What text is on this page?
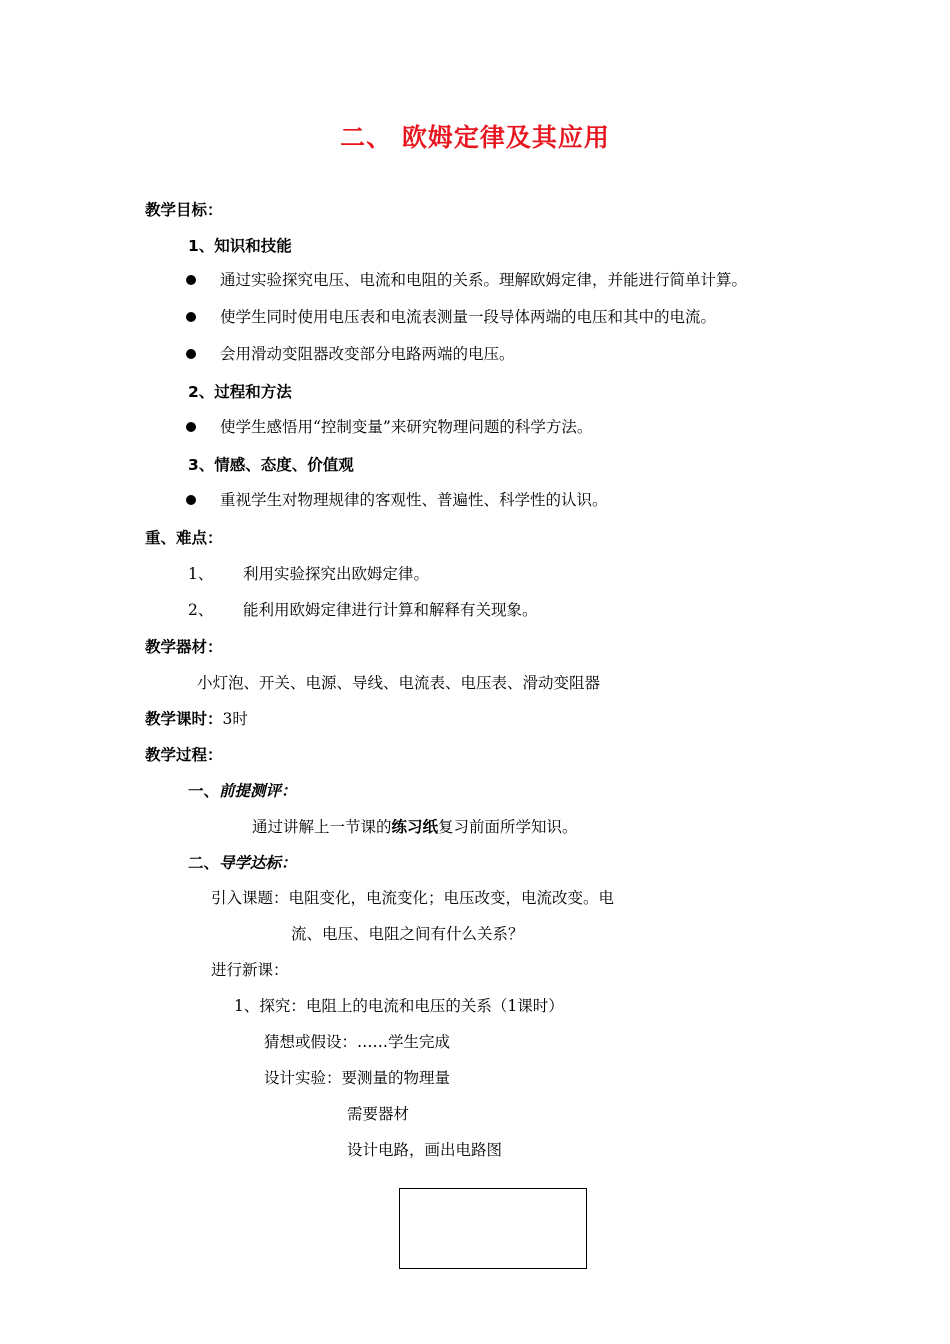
二、 欧姆定律及其应用
教学目标：
1、知识和技能
通过实验探究电压、电流和电阻的关系。理解欧姆定律，并能进行简单计算。
使学生同时使用电压表和电流表测量一段导体两端的电压和其中的电流。
会用滑动变阻器改变部分电路两端的电压。
2、过程和方法
使学生感悟用“控制变量”来研究物理问题的科学方法。
3、情感、态度、价值观
重视学生对物理规律的客观性、普遍性、科学性的认识。
重、难点：
1、 利用实验探究出欧姆定律。
2、 能利用欧姆定律进行计算和解释有关现象。
教学器材：
小灯泡、开关、电源、导线、电流表、电压表、滑动变阻器
教学课时：3时
教学过程：
一、前提测评：
通过讲解上一节课的练习纸复习前面所学知识。
二、导学达标：
引入课题：电阻变化，电流变化；电压改变，电流改变。电
流、电压、电阻之间有什么关系？
进行新课：
1、探究：电阻上的电流和电压的关系（1课时）
猜想或假设：……学生完成
设计实验：要测量的物理量
需要器材
设计电路，画出电路图
